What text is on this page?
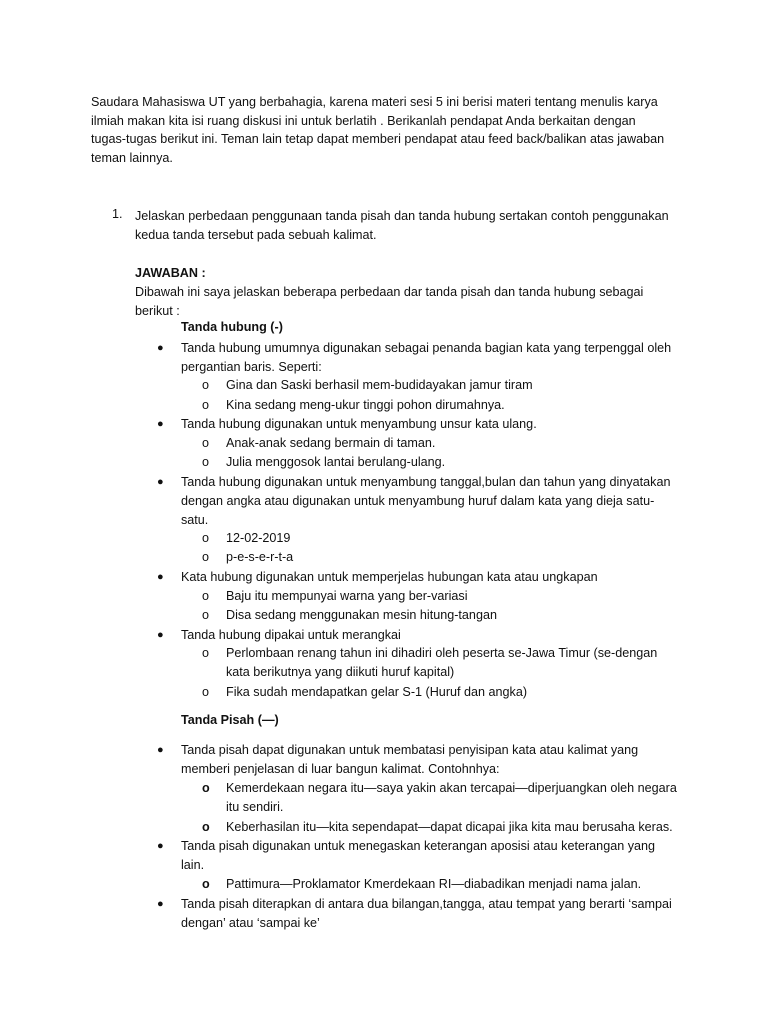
Saudara Mahasiswa UT yang berbahagia, karena materi sesi 5 ini berisi materi tentang menulis karya
ilmiah makan kita isi ruang diskusi ini untuk berlatih . Berikanlah pendapat Anda berkaitan dengan
tugas-tugas berikut ini. Teman lain tetap dapat memberi pendapat atau feed back/balikan atas jawaban
teman lainnya.
1. Jelaskan perbedaan penggunaan tanda pisah dan tanda hubung sertakan contoh penggunakan
kedua tanda tersebut pada sebuah kalimat.
JAWABAN :
Dibawah ini saya jelaskan beberapa perbedaan dar tanda pisah dan tanda hubung sebagai
berikut :
Tanda hubung (-)
● Tanda hubung umumnya digunakan sebagai penanda bagian kata yang terpenggal oleh
pergantian baris. Seperti:
o Gina dan Saski berhasil mem-budidayakan jamur tiram
o Kina sedang meng-ukur tinggi pohon dirumahnya.
● Tanda hubung digunakan untuk menyambung unsur kata ulang.
o Anak-anak sedang bermain di taman.
o Julia menggosok lantai berulang-ulang.
● Tanda hubung digunakan untuk menyambung tanggal,bulan dan tahun yang dinyatakan
dengan angka atau digunakan untuk menyambung huruf dalam kata yang dieja satu-
satu.
o 12-02-2019
o p-e-s-e-r-t-a
● Kata hubung digunakan untuk memperjelas hubungan kata atau ungkapan
o Baju itu mempunyai warna yang ber-variasi
o Disa sedang menggunakan mesin hitung-tangan
● Tanda hubung dipakai untuk merangkai
o Perlombaan renang tahun ini dihadiri oleh peserta se-Jawa Timur (se-dengan
kata berikutnya yang diikuti huruf kapital)
o Fika sudah mendapatkan gelar S-1 (Huruf dan angka)
Tanda Pisah (—)
● Tanda pisah dapat digunakan untuk membatasi penyisipan kata atau kalimat yang
memberi penjelasan di luar bangun kalimat. Contohnhya:
o Kemerdekaan negara itu—saya yakin akan tercapai—diperjuangkan oleh negara
itu sendiri.
o Keberhasilan itu—kita sependapat—dapat dicapai jika kita mau berusaha keras.
● Tanda pisah digunakan untuk menegaskan keterangan aposisi atau keterangan yang
lain.
o Pattimura—Proklamator Kmerdekaan RI—diabadikan menjadi nama jalan.
● Tanda pisah diterapkan di antara dua bilangan,tangga, atau tempat yang berarti ‘sampai
dengan’ atau ‘sampai ke’
